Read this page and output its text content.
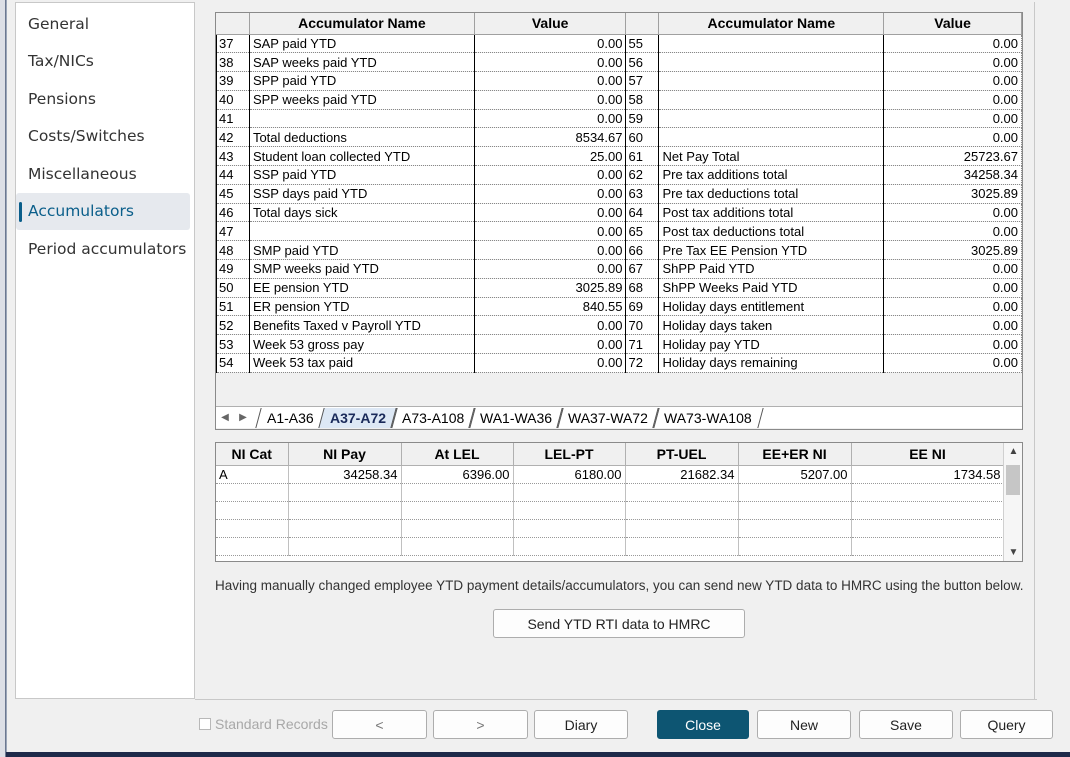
General
Tax/NICs
Pensions
Costs/Switches
Miscellaneous
Accumulators
Period accumulators
	Accumulator Name	Value		Accumulator Name	Value
37	SAP paid YTD	0.00	55		0.00
38	SAP weeks paid YTD	0.00	56		0.00
39	SPP paid YTD	0.00	57		0.00
40	SPP weeks paid YTD	0.00	58		0.00
41		0.00	59		0.00
42	Total deductions	8534.67	60		0.00
43	Student loan collected YTD	25.00	61	Net Pay Total	25723.67
44	SSP paid YTD	0.00	62	Pre tax additions total	34258.34
45	SSP days paid YTD	0.00	63	Pre tax deductions total	3025.89
46	Total days sick	0.00	64	Post tax additions total	0.00
47		0.00	65	Post tax deductions total	0.00
48	SMP paid YTD	0.00	66	Pre Tax EE Pension YTD	3025.89
49	SMP weeks paid YTD	0.00	67	ShPP Paid YTD	0.00
50	EE pension YTD	3025.89	68	ShPP Weeks Paid YTD	0.00
51	ER pension YTD	840.55	69	Holiday days entitlement	0.00
52	Benefits Taxed v Payroll YTD	0.00	70	Holiday days taken	0.00
53	Week 53 gross pay	0.00	71	Holiday pay YTD	0.00
54	Week 53 tax paid	0.00	72	Holiday days remaining	0.00
◀	▶	A1-A36 A37-A72 A73-A108 WA1-WA36 WA37-WA72 WA73-WA108
NI Cat	NI Pay	At LEL	LEL-PT	PT-UEL	EE+ER NI	EE NI
A	34258.34	6396.00	6180.00	21682.34	5207.00	1734.58

▲
▼
Having manually changed employee YTD payment details/accumulators, you can send new YTD data to HMRC using the button below.
Send YTD RTI data to HMRC
Standard Records	<	>	Diary	Close	New	Save	Query
